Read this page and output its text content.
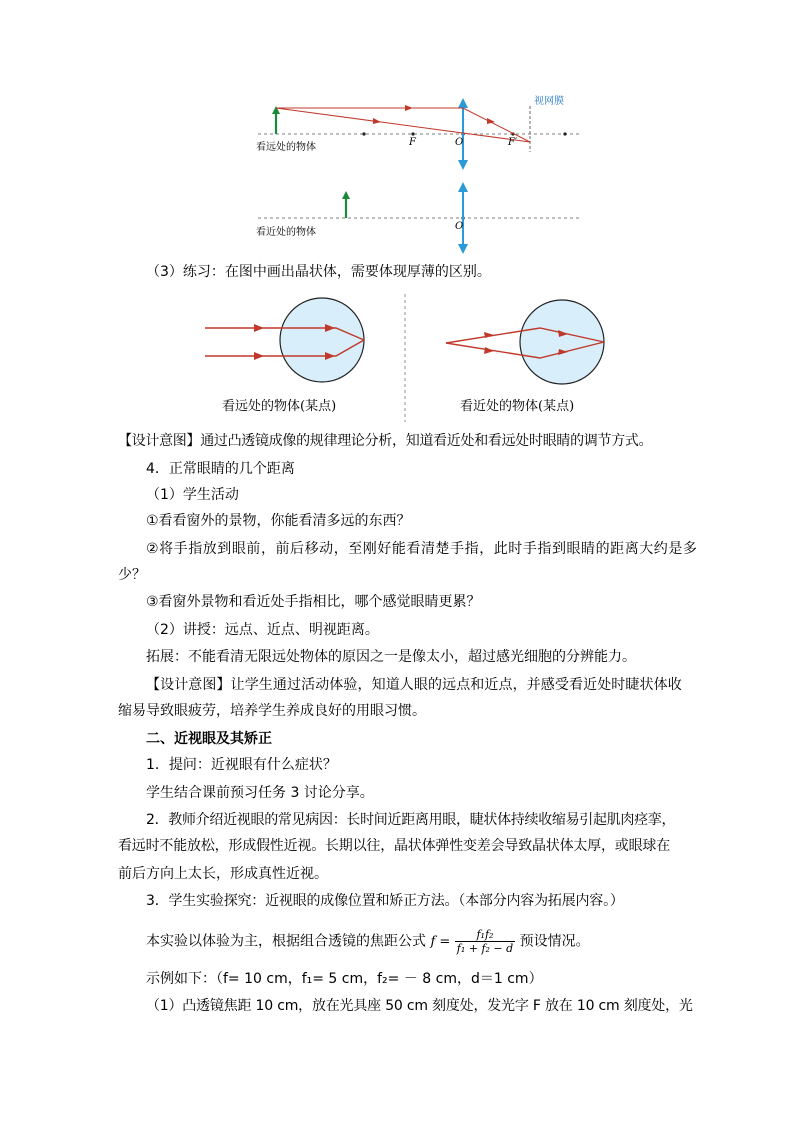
视网膜
看远处的物体	F	O	F′
看近处的物体
O
（3）练习：在图中画出晶状体，需要体现厚薄的区别。
看远处的物体(某点)	看近处的物体(某点)
【设计意图】通过凸透镜成像的规律理论分析，知道看近处和看远处时眼睛的调节方式。
4．正常眼睛的几个距离
（1）学生活动
①看看窗外的景物，你能看清多远的东西？
②将手指放到眼前，前后移动，至刚好能看清楚手指，此时手指到眼睛的距离大约是多
少？
③看窗外景物和看近处手指相比，哪个感觉眼睛更累？
（2）讲授：远点、近点、明视距离。
拓展：不能看清无限远处物体的原因之一是像太小，超过感光细胞的分辨能力。
【设计意图】让学生通过活动体验，知道人眼的远点和近点，并感受看近处时睫状体收
缩易导致眼疲劳，培养学生养成良好的用眼习惯。
二、近视眼及其矫正
1．提问：近视眼有什么症状？
学生结合课前预习任务 3 讨论分享。
2．教师介绍近视眼的常见病因：长时间近距离用眼，睫状体持续收缩易引起肌肉痉挛，
看远时不能放松，形成假性近视。长期以往，晶状体弹性变差会导致晶状体太厚，或眼球在
前后方向上太长，形成真性近视。
3．学生实验探究：近视眼的成像位置和矫正方法。（本部分内容为拓展内容。）
本实验以体验为主，根据组合透镜的焦距公式 $f = \frac{\text{f₁f₂}}{\text{f₁ + f₂ − d}}$ 预设情况。
示例如下：（f= 10 cm，f₁= 5 cm，f₂= － 8 cm，d＝1 cm）
（1）凸透镜焦距 10 cm，放在光具座 50 cm 刻度处，发光字 F 放在 10 cm 刻度处，光
